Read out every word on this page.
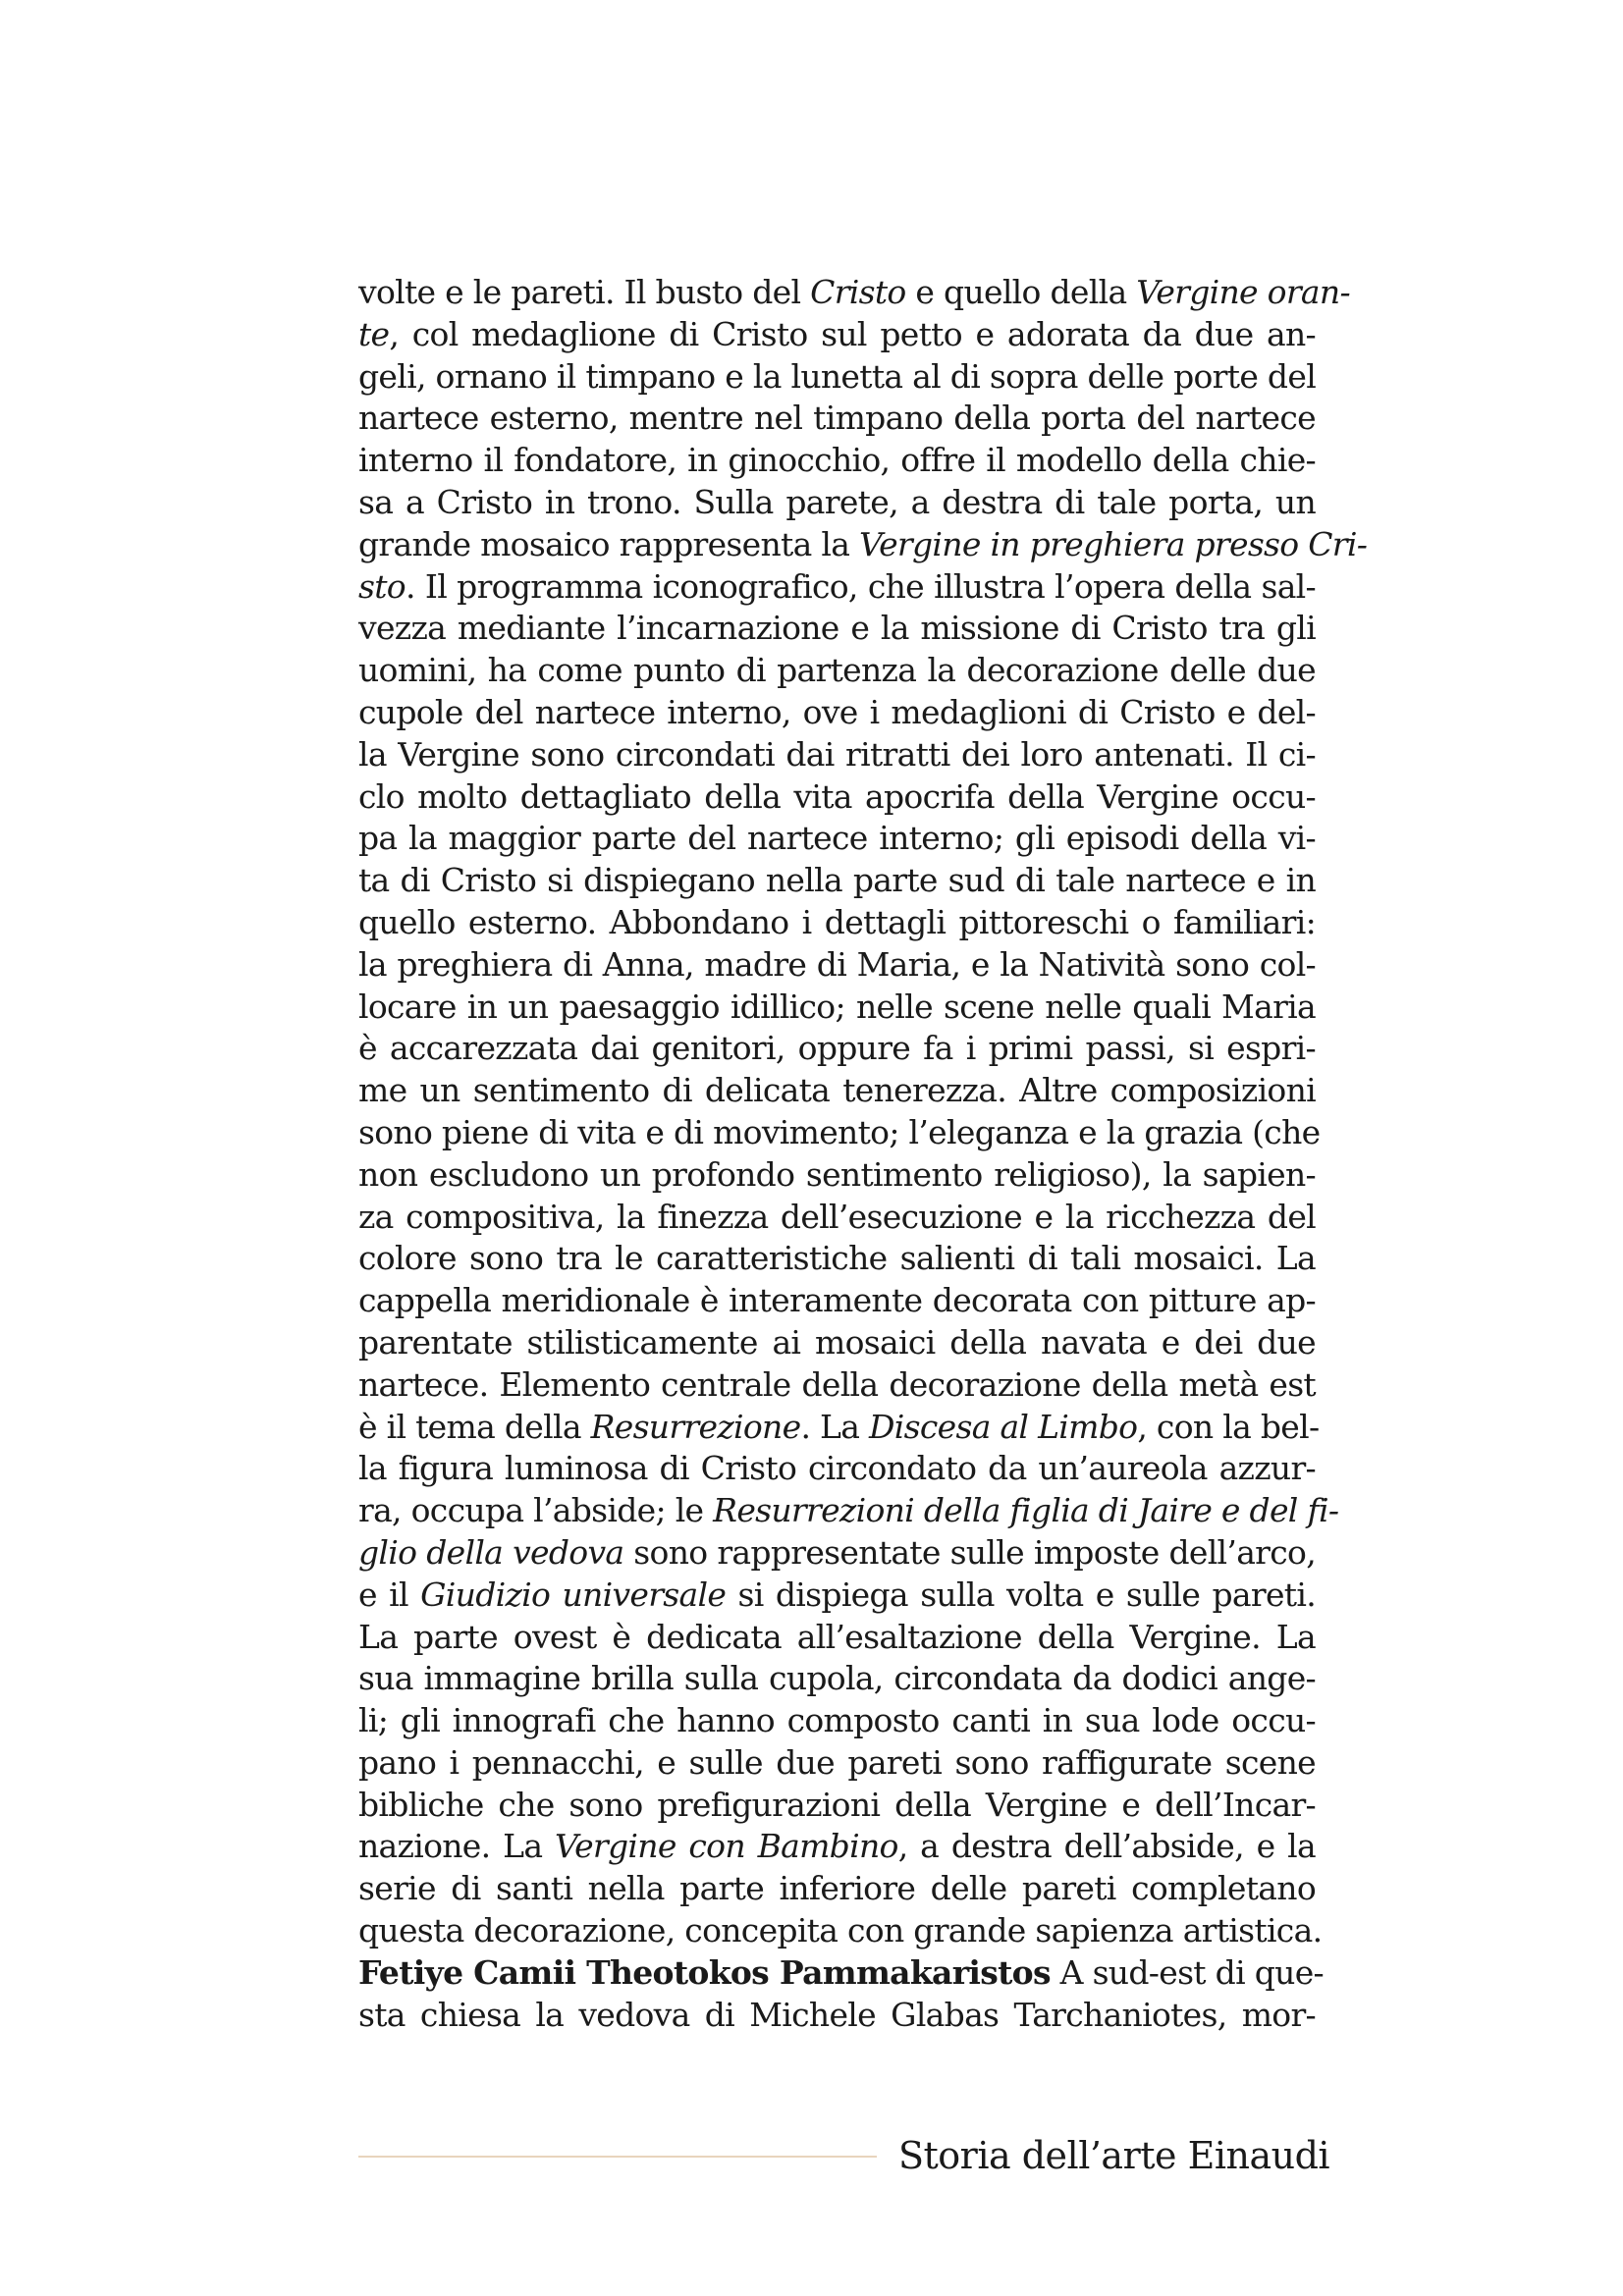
volte e le pareti. Il busto del Cristo e quello della Vergine oran-
te, col medaglione di Cristo sul petto e adorata da due an-
geli, ornano il timpano e la lunetta al di sopra delle porte del
nartece esterno, mentre nel timpano della porta del nartece
interno il fondatore, in ginocchio, offre il modello della chie-
sa a Cristo in trono. Sulla parete, a destra di tale porta, un
grande mosaico rappresenta la Vergine in preghiera presso Cri-
sto. Il programma iconografico, che illustra l’opera della sal-
vezza mediante l’incarnazione e la missione di Cristo tra gli
uomini, ha come punto di partenza la decorazione delle due
cupole del nartece interno, ove i medaglioni di Cristo e del-
la Vergine sono circondati dai ritratti dei loro antenati. Il ci-
clo molto dettagliato della vita apocrifa della Vergine occu-
pa la maggior parte del nartece interno; gli episodi della vi-
ta di Cristo si dispiegano nella parte sud di tale nartece e in
quello esterno. Abbondano i dettagli pittoreschi o familiari:
la preghiera di Anna, madre di Maria, e la Natività sono col-
locare in un paesaggio idillico; nelle scene nelle quali Maria
è accarezzata dai genitori, oppure fa i primi passi, si espri-
me un sentimento di delicata tenerezza. Altre composizioni
sono piene di vita e di movimento; l’eleganza e la grazia (che
non escludono un profondo sentimento religioso), la sapien-
za compositiva, la finezza dell’esecuzione e la ricchezza del
colore sono tra le caratteristiche salienti di tali mosaici. La
cappella meridionale è interamente decorata con pitture ap-
parentate stilisticamente ai mosaici della navata e dei due
nartece. Elemento centrale della decorazione della metà est
è il tema della Resurrezione. La Discesa al Limbo, con la bel-
la figura luminosa di Cristo circondato da un’aureola azzur-
ra, occupa l’abside; le Resurrezioni della figlia di Jaire e del fi-
glio della vedova sono rappresentate sulle imposte dell’arco,
e il Giudizio universale si dispiega sulla volta e sulle pareti.
La parte ovest è dedicata all’esaltazione della Vergine. La
sua immagine brilla sulla cupola, circondata da dodici ange-
li; gli innografi che hanno composto canti in sua lode occu-
pano i pennacchi, e sulle due pareti sono raffigurate scene
bibliche che sono prefigurazioni della Vergine e dell’Incar-
nazione. La Vergine con Bambino, a destra dell’abside, e la
serie di santi nella parte inferiore delle pareti completano
questa decorazione, concepita con grande sapienza artistica.
Fetiye Camii Theotokos Pammakaristos A sud-est di que-
sta chiesa la vedova di Michele Glabas Tarchaniotes, mor-
Storia dell’arte Einaudi
